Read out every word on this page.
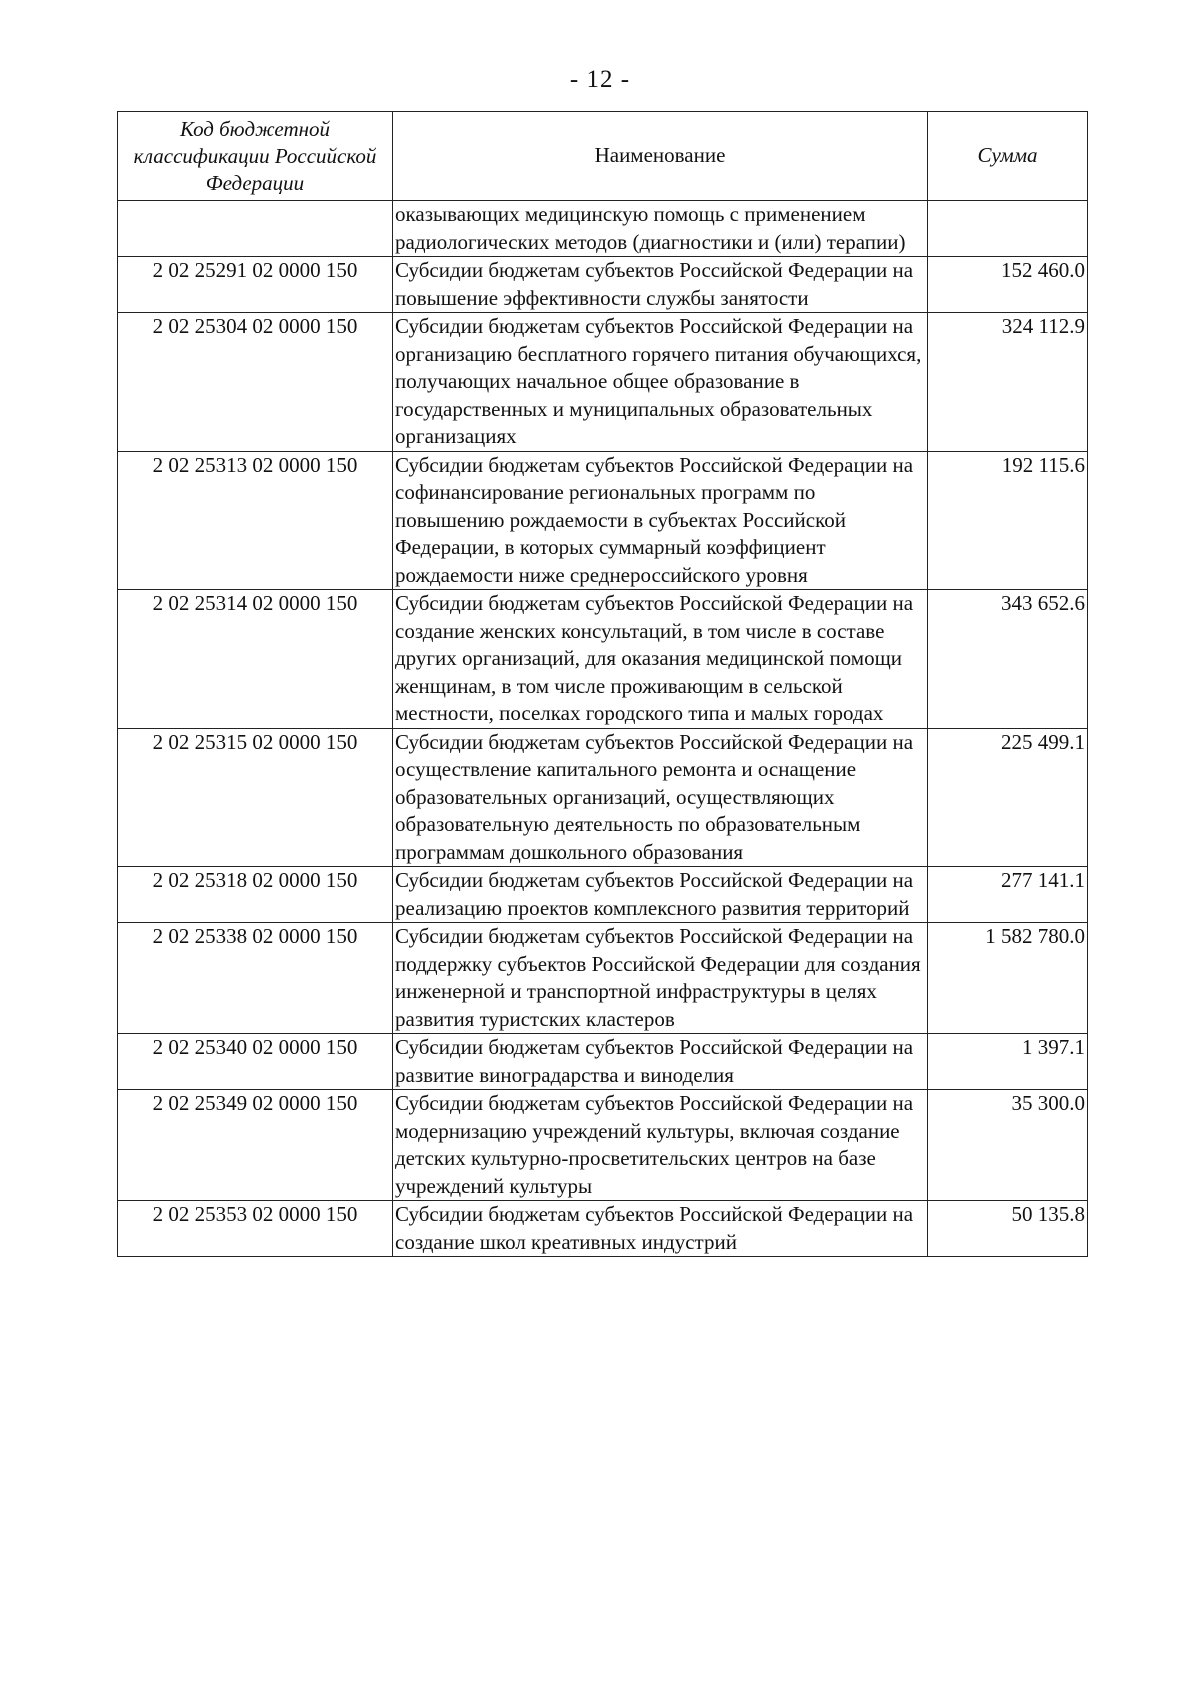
- 12 -
Код бюджетной классификации Российской Федерации	Наименование	Сумма
	оказывающих медицинскую помощь с применением радиологических методов (диагностики и (или) терапии)	
2 02 25291 02 0000 150	Субсидии бюджетам субъектов Российской Федерации на повышение эффективности службы занятости	152 460.0
2 02 25304 02 0000 150	Субсидии бюджетам субъектов Российской Федерации на организацию бесплатного горячего питания обучающихся, получающих начальное общее образование в государственных и муниципальных образовательных организациях	324 112.9
2 02 25313 02 0000 150	Субсидии бюджетам субъектов Российской Федерации на софинансирование региональных программ по повышению рождаемости в субъектах Российской Федерации, в которых суммарный коэффициент рождаемости ниже среднероссийского уровня	192 115.6
2 02 25314 02 0000 150	Субсидии бюджетам субъектов Российской Федерации на создание женских консультаций, в том числе в составе других организаций, для оказания медицинской помощи женщинам, в том числе проживающим в сельской местности, поселках городского типа и малых городах	343 652.6
2 02 25315 02 0000 150	Субсидии бюджетам субъектов Российской Федерации на осуществление капитального ремонта и оснащение образовательных организаций, осуществляющих образовательную деятельность по образовательным программам дошкольного образования	225 499.1
2 02 25318 02 0000 150	Субсидии бюджетам субъектов Российской Федерации на реализацию проектов комплексного развития территорий	277 141.1
2 02 25338 02 0000 150	Субсидии бюджетам субъектов Российской Федерации на поддержку субъектов Российской Федерации для создания инженерной и транспортной инфраструктуры в целях развития туристских кластеров	1 582 780.0
2 02 25340 02 0000 150	Субсидии бюджетам субъектов Российской Федерации на развитие виноградарства и виноделия	1 397.1
2 02 25349 02 0000 150	Субсидии бюджетам субъектов Российской Федерации на модернизацию учреждений культуры, включая создание детских культурно-просветительских центров на базе учреждений культуры	35 300.0
2 02 25353 02 0000 150	Субсидии бюджетам субъектов Российской Федерации на создание школ креативных индустрий	50 135.8
